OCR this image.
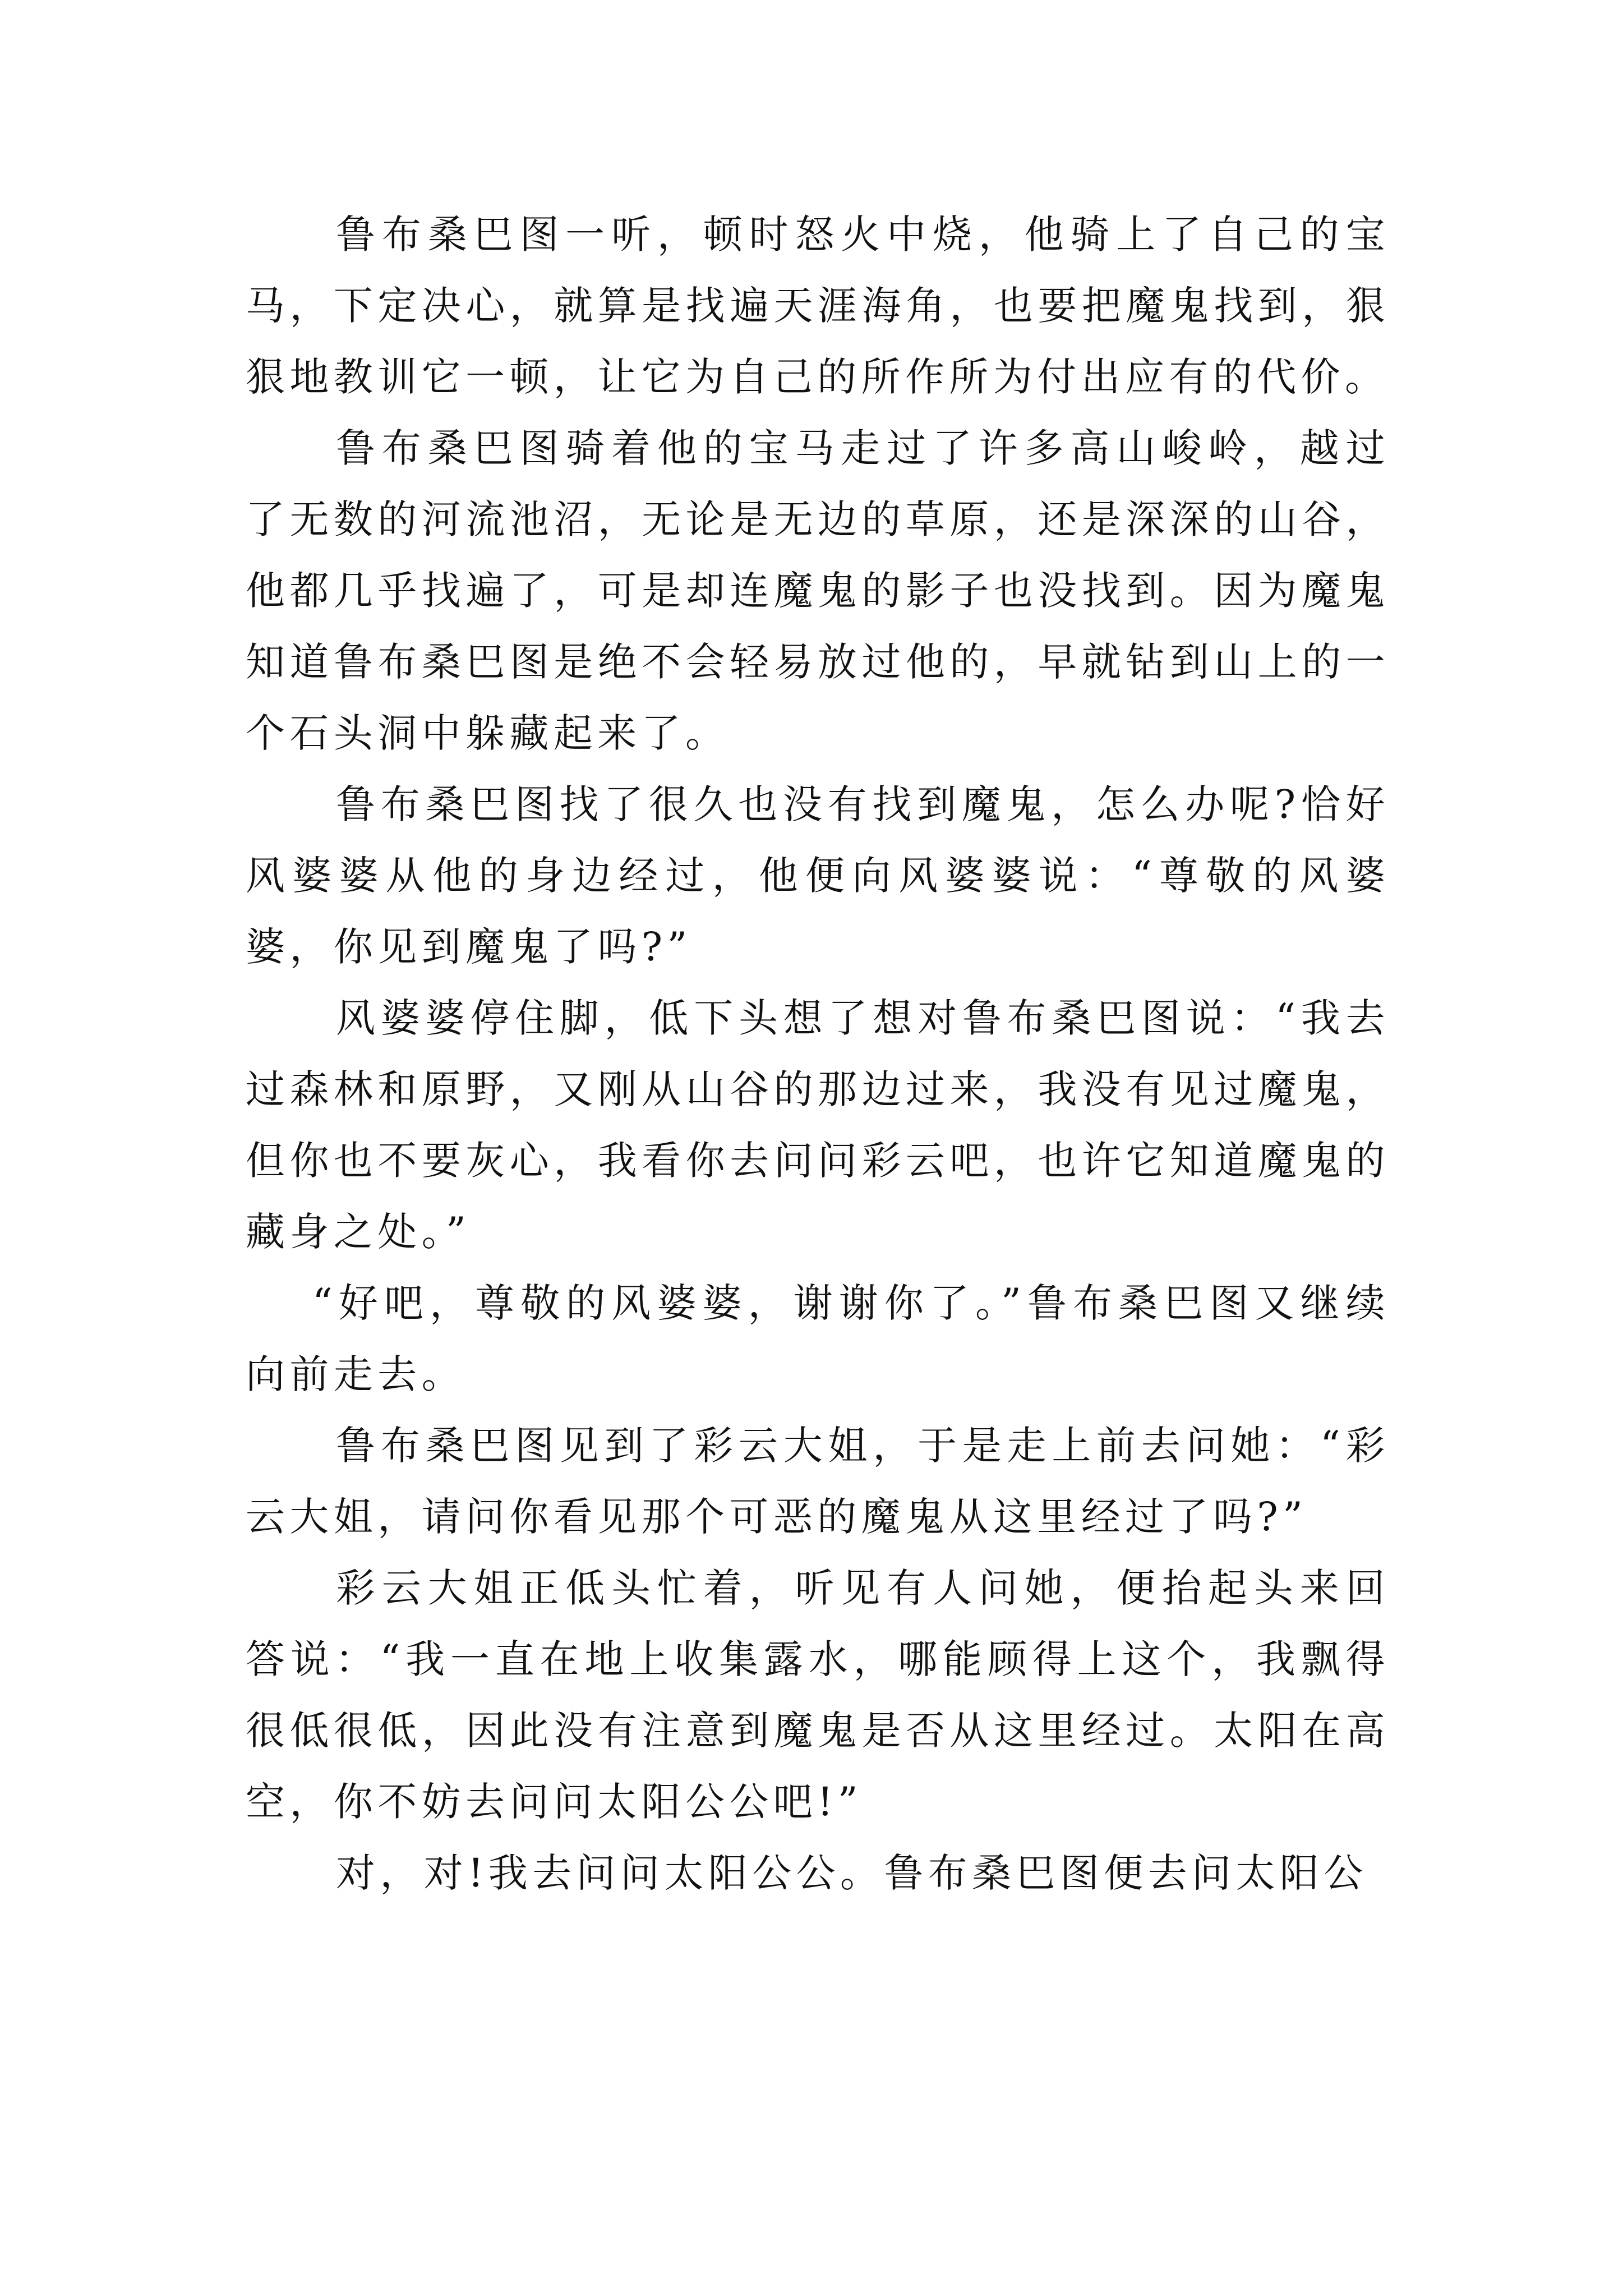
鲁布桑巴图一听，顿时怒火中烧，他骑上了自己的宝马，下定决心，就算是找遍天涯海角，也要把魔鬼找到，狠狠地教训它一顿，让它为自己的所作所为付出应有的代价。

鲁布桑巴图骑着他的宝马走过了许多高山峻岭，越过了无数的河流池沼，无论是无边的草原，还是深深的山谷，他都几乎找遍了，可是却连魔鬼的影子也没找到。因为魔鬼知道鲁布桑巴图是绝不会轻易放过他的，早就钻到山上的一个石头洞中躲藏起来了。

鲁布桑巴图找了很久也没有找到魔鬼，怎么办呢?恰好风婆婆从他的身边经过，他便向风婆婆说：“尊敬的风婆婆，你见到魔鬼了吗?”

风婆婆停住脚，低下头想了想对鲁布桑巴图说：“我去过森林和原野，又刚从山谷的那边过来，我没有见过魔鬼，但你也不要灰心，我看你去问问彩云吧，也许它知道魔鬼的藏身之处。”

“好吧，尊敬的风婆婆，谢谢你了。”鲁布桑巴图又继续向前走去。

鲁布桑巴图见到了彩云大姐，于是走上前去问她：“彩云大姐，请问你看见那个可恶的魔鬼从这里经过了吗?”

彩云大姐正低头忙着，听见有人问她，便抬起头来回答说：“我一直在地上收集露水，哪能顾得上这个，我飘得很低很低，因此没有注意到魔鬼是否从这里经过。太阳在高空，你不妨去问问太阳公公吧!”

对，对!我去问问太阳公公。鲁布桑巴图便去问太阳公
